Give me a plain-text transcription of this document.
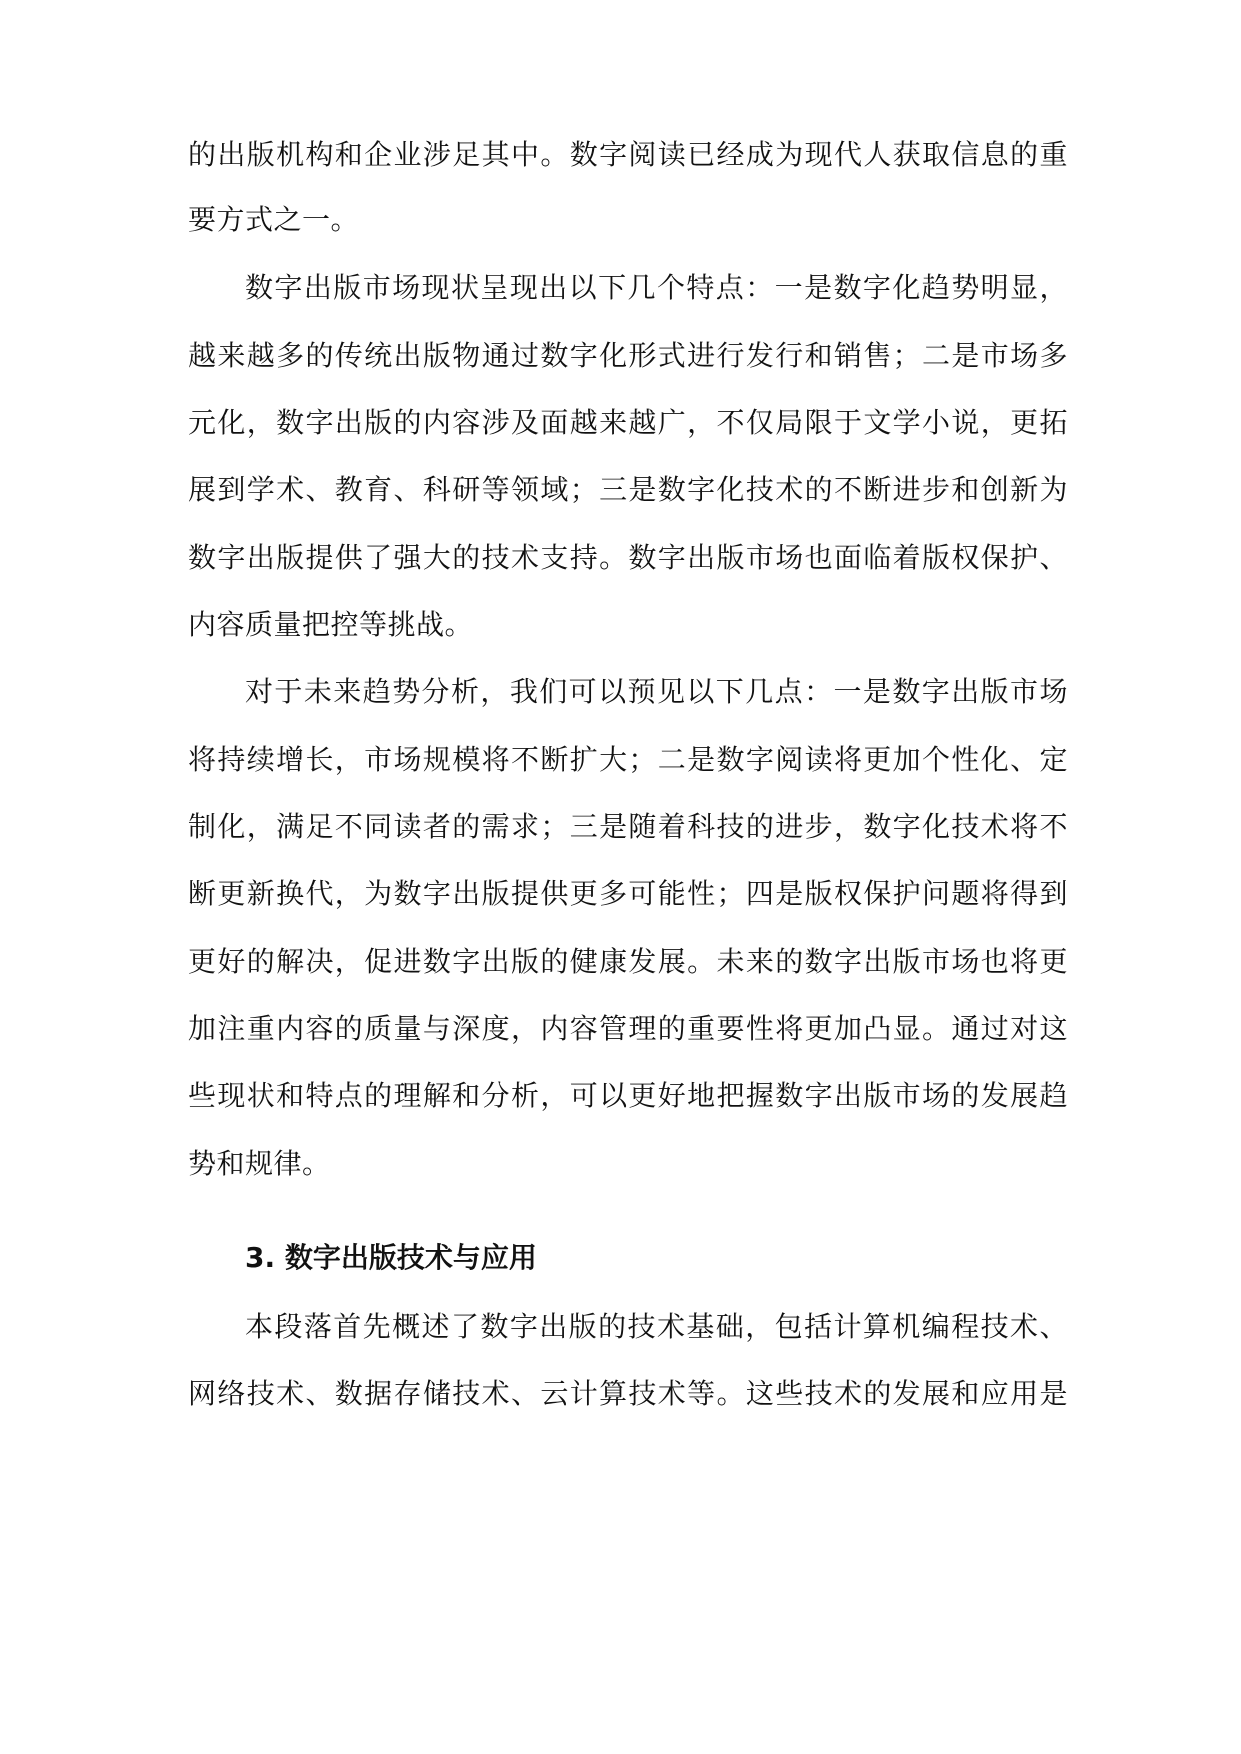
的出版机构和企业涉足其中。数字阅读已经成为现代人获取信息的重
要方式之一。
数字出版市场现状呈现出以下几个特点：一是数字化趋势明显，
越来越多的传统出版物通过数字化形式进行发行和销售；二是市场多
元化，数字出版的内容涉及面越来越广，不仅局限于文学小说，更拓
展到学术、教育、科研等领域；三是数字化技术的不断进步和创新为
数字出版提供了强大的技术支持。数字出版市场也面临着版权保护、
内容质量把控等挑战。
对于未来趋势分析，我们可以预见以下几点：一是数字出版市场
将持续增长，市场规模将不断扩大；二是数字阅读将更加个性化、定
制化，满足不同读者的需求；三是随着科技的进步，数字化技术将不
断更新换代，为数字出版提供更多可能性；四是版权保护问题将得到
更好的解决，促进数字出版的健康发展。未来的数字出版市场也将更
加注重内容的质量与深度，内容管理的重要性将更加凸显。通过对这
些现状和特点的理解和分析，可以更好地把握数字出版市场的发展趋
势和规律。
3. 数字出版技术与应用
本段落首先概述了数字出版的技术基础，包括计算机编程技术、
网络技术、数据存储技术、云计算技术等。这些技术的发展和应用是
